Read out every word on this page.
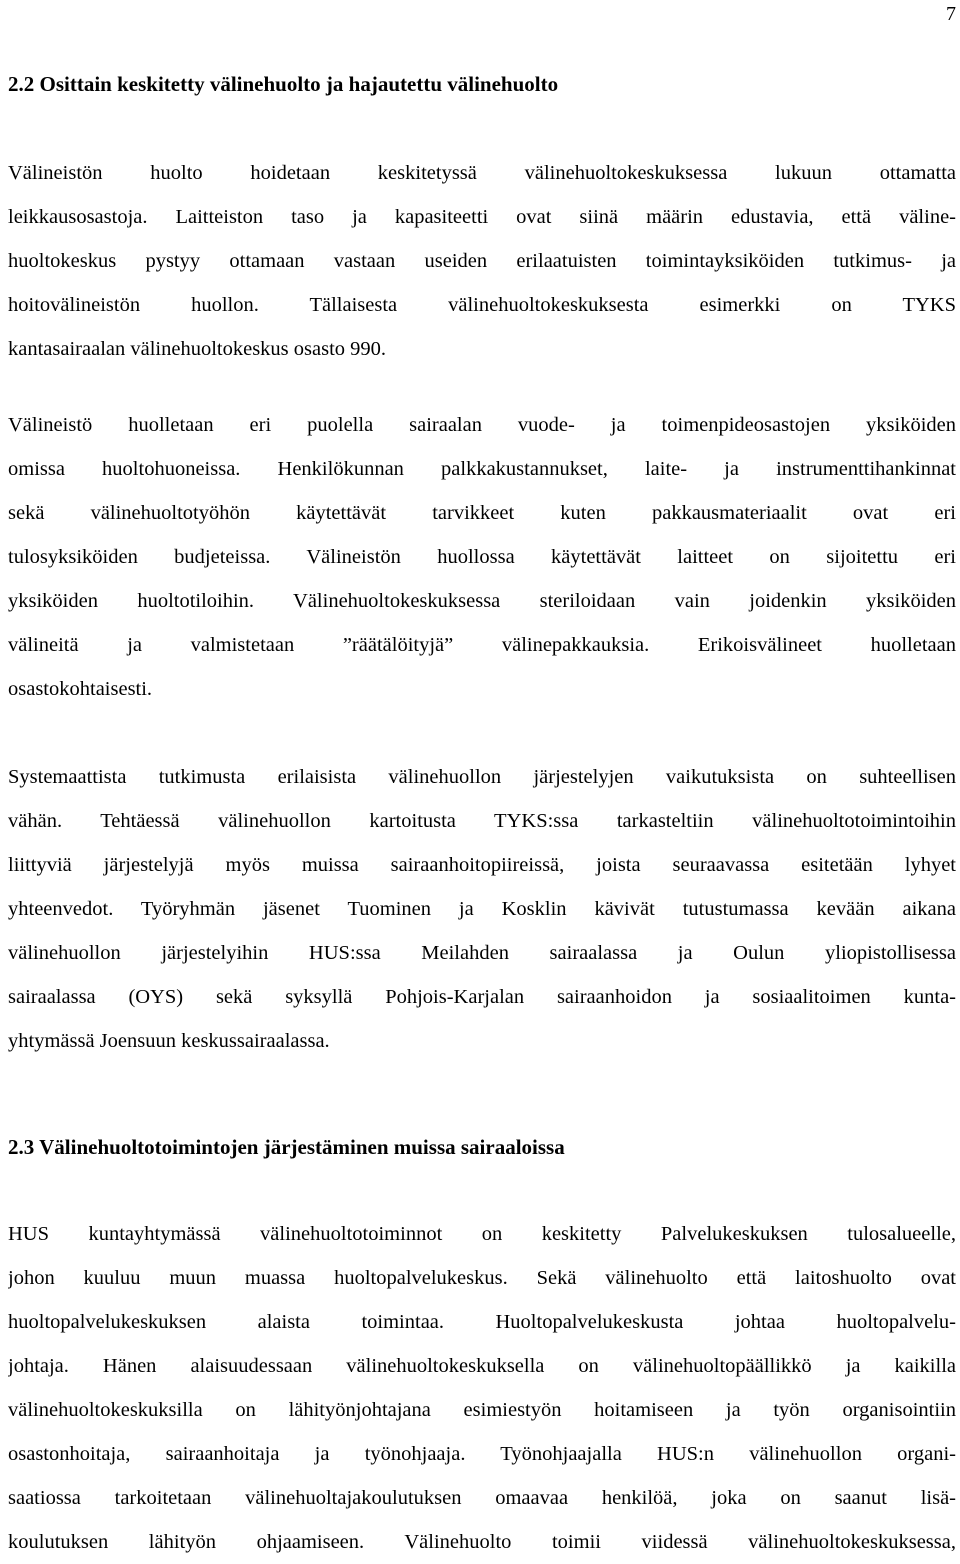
7
2.2 Osittain keskitetty välinehuolto ja hajautettu välinehuolto
Välineistön huolto hoidetaan keskitetyssä välinehuoltokeskuksessa lukuun ottamatta
leikkausosastoja. Laitteiston taso ja kapasiteetti ovat siinä määrin edustavia, että väline-
huoltokeskus pystyy ottamaan vastaan useiden erilaatuisten toimintayksiköiden tutkimus- ja
hoitovälineistön huollon. Tällaisesta välinehuoltokeskuksesta esimerkki on TYKS
kantasairaalan välinehuoltokeskus osasto 990.
Välineistö huolletaan eri puolella sairaalan vuode- ja toimenpideosastojen yksiköiden
omissa huoltohuoneissa. Henkilökunnan palkkakustannukset, laite- ja instrumenttihankinnat
sekä välinehuoltotyöhön käytettävät tarvikkeet kuten pakkausmateriaalit ovat eri
tulosyksiköiden budjeteissa. Välineistön huollossa käytettävät laitteet on sijoitettu eri
yksiköiden huoltotiloihin. Välinehuoltokeskuksessa steriloidaan vain joidenkin yksiköiden
välineitä ja valmistetaan ”räätälöityjä” välinepakkauksia. Erikoisvälineet huolletaan
osastokohtaisesti.
Systemaattista tutkimusta erilaisista välinehuollon järjestelyjen vaikutuksista on suhteellisen
vähän. Tehtäessä välinehuollon kartoitusta TYKS:ssa tarkasteltiin välinehuoltotoimintoihin
liittyviä järjestelyjä myös muissa sairaanhoitopiireissä, joista seuraavassa esitetään lyhyet
yhteenvedot. Työryhmän jäsenet Tuominen ja Kosklin kävivät tutustumassa kevään aikana
välinehuollon järjestelyihin HUS:ssa Meilahden sairaalassa ja Oulun yliopistollisessa
sairaalassa (OYS) sekä syksyllä Pohjois-Karjalan sairaanhoidon ja sosiaalitoimen kunta-
yhtymässä Joensuun keskussairaalassa.
2.3 Välinehuoltotoimintojen järjestäminen muissa sairaaloissa
HUS kuntayhtymässä välinehuoltotoiminnot on keskitetty Palvelukeskuksen tulosalueelle,
johon kuuluu muun muassa huoltopalvelukeskus. Sekä välinehuolto että laitoshuolto ovat
huoltopalvelukeskuksen alaista toimintaa. Huoltopalvelukeskusta johtaa huoltopalvelu-
johtaja. Hänen alaisuudessaan välinehuoltokeskuksella on välinehuoltopäällikkö ja kaikilla
välinehuoltokeskuksilla on lähityönjohtajana esimiestyön hoitamiseen ja työn organisointiin
osastonhoitaja, sairaanhoitaja ja työnohjaaja. Työnohjaajalla HUS:n välinehuollon organi-
saatiossa tarkoitetaan välinehuoltajakoulutuksen omaavaa henkilöä, joka on saanut lisä-
koulutuksen lähityön ohjaamiseen. Välinehuolto toimii viidessä välinehuoltokeskuksessa,
